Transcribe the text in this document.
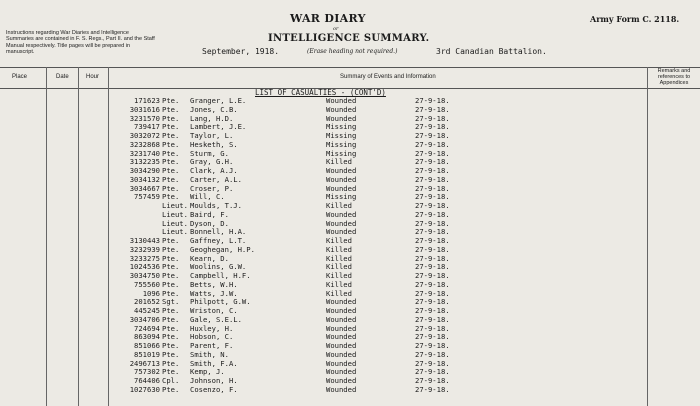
Instructions regarding War Diaries and Intelligence Summaries are contained in F. S. Regs., Part II. and the Staff Manual respectively. Title pages will be prepared in manuscript.
WAR DIARY
or
INTELLIGENCE SUMMARY.
Army Form C. 2118.
September, 1918.	(Erase heading not required.)	3rd Canadian Battalion.
Place	Date	Hour	Summary of Events and Information
Remarks and references to Appendices
LIST OF CASUALTIES - (CONT'D)
171623 Pte. Granger, L.E.	Wounded	27-9-18.
3031616 Pte. Jones, C.B.	Wounded	27-9-18.
3231570 Pte. Lang, H.D.	Wounded	27-9-18.
739417 Pte. Lambert, J.E.	Missing	27-9-18.
3032072 Pte. Taylor, L.	Missing	27-9-18.
3232868 Pte. Hesketh, S.	Missing	27-9-18.
3231740 Pte. Sturm, G.	Missing	27-9-18.
3132235 Pte. Gray, G.H.	Killed	27-9-18.
3034290 Pte. Clark, A.J.	Wounded	27-9-18.
3034132 Pte. Carter, A.L.	Wounded	27-9-18.
3034667 Pte. Croser, P.	Wounded	27-9-18.
757459 Pte. Will, C.	Missing	27-9-18.
Lieut. Moulds, T.J.	Killed	27-9-18.
Lieut. Baird, F.	Wounded	27-9-18.
Lieut. Dyson, D.	Wounded	27-9-18.
Lieut. Bonnell, H.A.	Wounded	27-9-18.
3130443 Pte. Gaffney, L.T.	Killed	27-9-18.
3232939 Pte. Geoghegan, H.P.	Killed	27-9-18.
3233275 Pte. Kearn, D.	Killed	27-9-18.
1024536 Pte. Woolins, G.W.	Killed	27-9-18.
3034750 Pte. Campbell, H.F.	Killed	27-9-18.
755560 Pte. Betts, W.H.	Killed	27-9-18.
1096 Pte. Watts, J.W.	Killed	27-9-18.
201652 Sgt. Philpott, G.W.	Wounded	27-9-18.
445245 Pte. Wriston, C.	Wounded	27-9-18.
3034706 Pte. Gale, S.E.L.	Wounded	27-9-18.
724694 Pte. Huxley, H.	Wounded	27-9-18.
863094 Pte. Hobson, C.	Wounded	27-9-18.
851066 Pte. Parent, F.	Wounded	27-9-18.
851019 Pte. Smith, N.	Wounded	27-9-18.
2496713 Pte. Smith, F.A.	Wounded	27-9-18.
757302 Pte. Kemp, J.	Wounded	27-9-18.
764406 Cpl. Johnson, H.	Wounded	27-9-18.
1027630 Pte. Cosenzo, F.	Wounded	27-9-18.
